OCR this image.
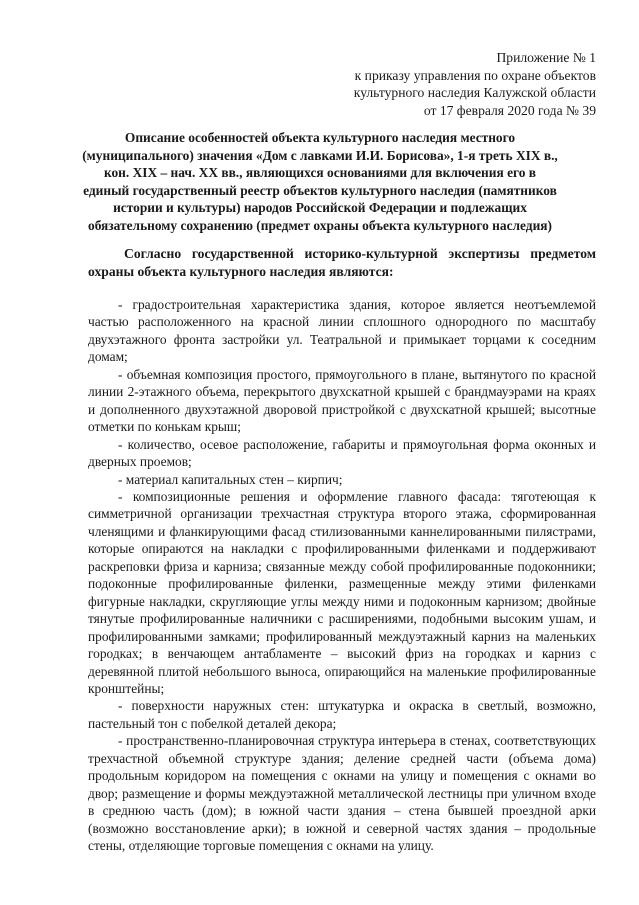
Приложение № 1
к приказу управления по охране объектов
культурного наследия Калужской области
от 17 февраля 2020 года № 39
Описание особенностей объекта культурного наследия местного (муниципального) значения «Дом с лавками И.И. Борисова», 1-я треть XIX в., кон. XIX – нач. XX вв., являющихся основаниями для включения его в единый государственный реестр объектов культурного наследия (памятников истории и культуры) народов Российской Федерации и подлежащих обязательному сохранению (предмет охраны объекта культурного наследия)
Согласно государственной историко-культурной экспертизы предметом охраны объекта культурного наследия являются:

- градостроительная характеристика здания, которое является неотъемлемой частью расположенного на красной линии сплошного однородного по масштабу двухэтажного фронта застройки ул. Театральной и примыкает торцами к соседним домам;

- объемная композиция простого, прямоугольного в плане, вытянутого по красной линии 2-этажного объема, перекрытого двухскатной крышей с брандмауэрами на краях и дополненного двухэтажной дворовой пристройкой с двухскатной крышей; высотные отметки по конькам крыш;

- количество, осевое расположение, габариты и прямоугольная форма оконных и дверных проемов;

- материал капитальных стен – кирпич;

- композиционные решения и оформление главного фасада: тяготеющая к симметричной организации трехчастная структура второго этажа, сформированная членящими и фланкирующими фасад стилизованными каннелированными пилястрами, которые опираются на накладки с профилированными филенками и поддерживают раскреповки фриза и карниза; связанные между собой профилированные подоконники; подоконные профилированные филенки, размещенные между этими филенками фигурные накладки, скругляющие углы между ними и подоконным карнизом; двойные тянутые профилированные наличники с расширениями, подобными высоким ушам, и профилированными замками; профилированный междуэтажный карниз на маленьких городках; в венчающем антабламенте – высокий фриз на городках и карниз с деревянной плитой небольшого выноса, опирающийся на маленькие профилированные кронштейны;

- поверхности наружных стен: штукатурка и окраска в светлый, возможно, пастельный тон с побелкой деталей декора;

- пространственно-планировочная структура интерьера в стенах, соответствующих трехчастной объемной структуре здания; деление средней части (объема дома) продольным коридором на помещения с окнами на улицу и помещения с окнами во двор; размещение и формы междуэтажной металлической лестницы при уличном входе в среднюю часть (дом); в южной части здания – стена бывшей проездной арки (возможно восстановление арки); в южной и северной частях здания – продольные стены, отделяющие торговые помещения с окнами на улицу.
